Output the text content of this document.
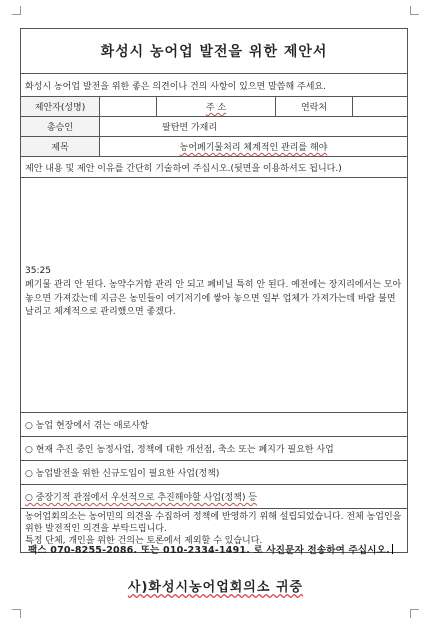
화성시 농어업 발전을 위한 제안서
화성시 농어업 발전을 위한 좋은 의견이나 건의 사항이 있으면 말씀해 주세요.
제안자(성명)	주 소	연락처
총승인	팔탄면 가재리
제목	농어폐기물처리 체계적인 관리를 해야
제안 내용 및 제안 이유를 간단히 기술하여 주십시오.(뒷면을 이용하셔도 됩니다.)
35:25
폐기물 관리 안 된다. 농약수거함 관리 안 되고 폐비닐 특히 안 된다. 예전에는 장지리에서는 모아놓으면 가져갔는데 지금은 농민들이 여기저기에 쌓아 놓으면 일부 업체가 가져가는데 바람 불면 날리고 체계적으로 관리했으면 좋겠다.
○ 농업 현장에서 겪는 애로사항
○ 현재 추진 중인 농정사업, 정책에 대한 개선점, 축소 또는 폐지가 필요한 사업
○ 농업발전을 위한 신규도입이 필요한 사업(정책)
○ 중장기적 관점에서 우선적으로 추진해야할 사업(정책) 등
농어업회의소는 농어민의 의견을 수집하여 정책에 반영하기 위해 설립되었습니다. 전체 농업인을 위한 발전적인 의견을 부탁드립니다.
특정 단체, 개인을 위한 건의는 토론에서 제외할 수 있습니다.
팩스 070-8255-2086. 또는 010-2334-1491. 로 사진문자 전송하여 주십시오.
사)화성시농어업회의소 귀중
